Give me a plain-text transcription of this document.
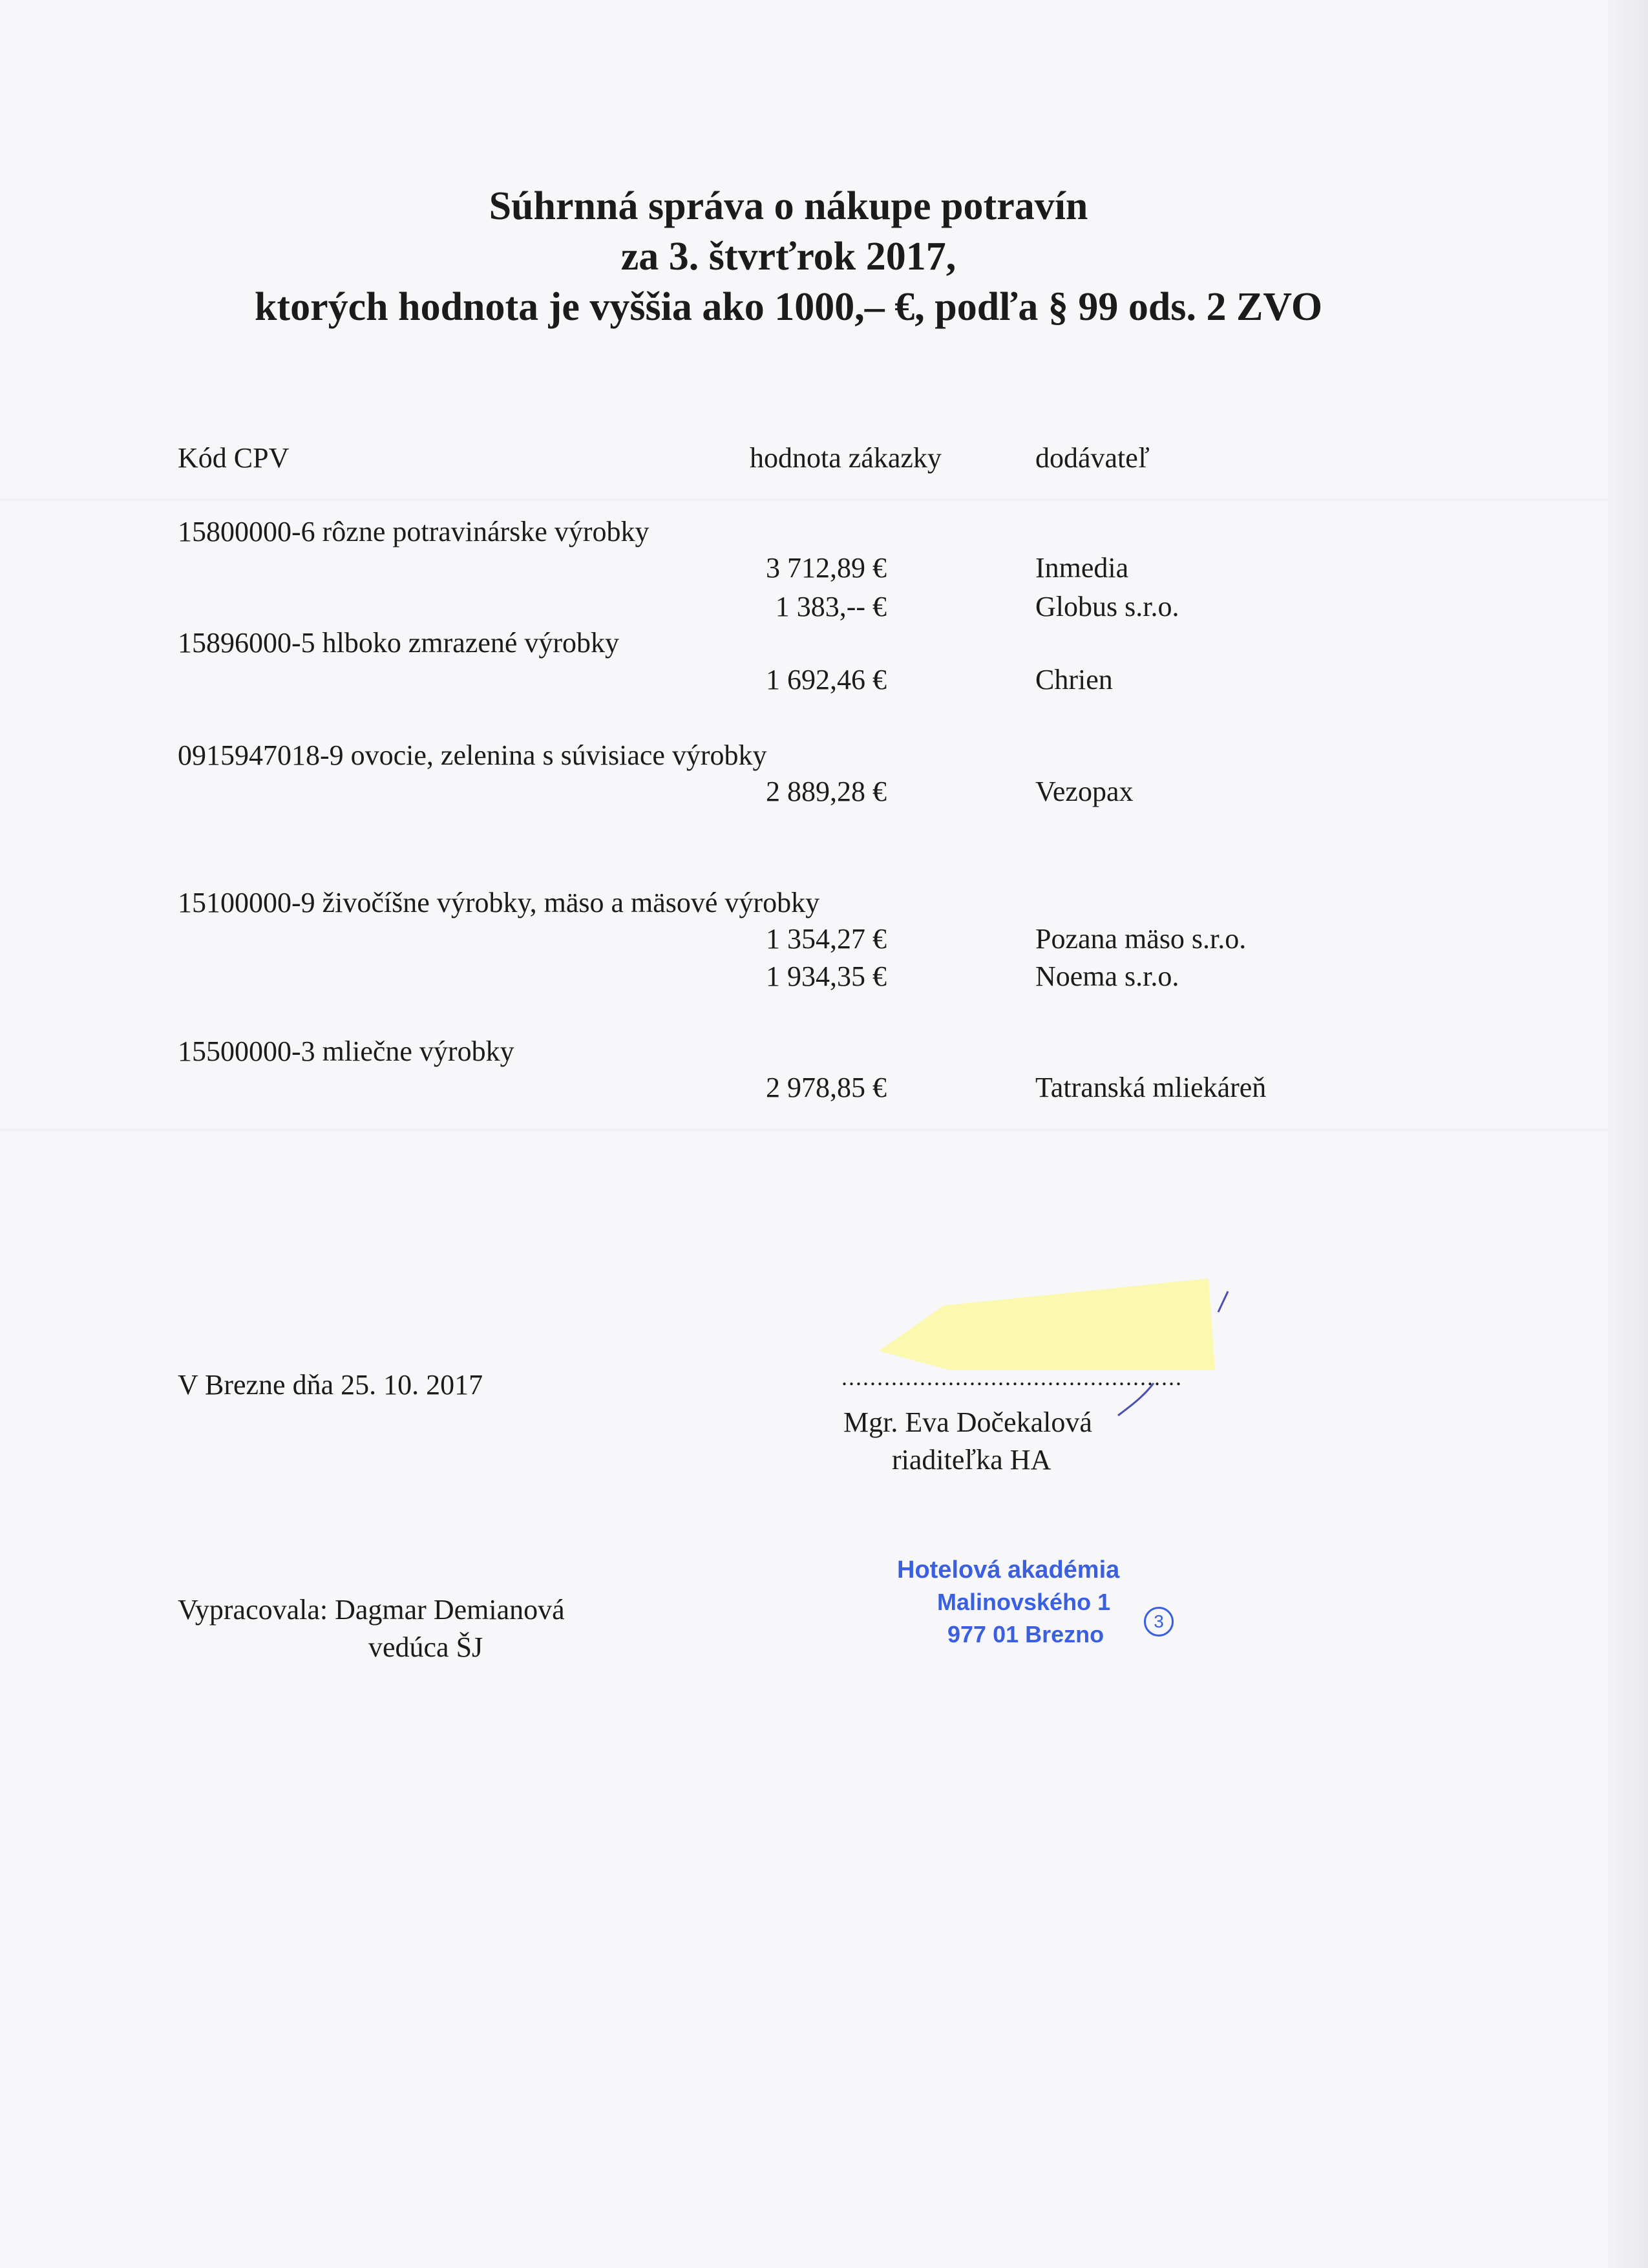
Súhrnná správa o nákupe potravín
za 3. štvrťrok 2017,
ktorých hodnota je vyššia ako 1000,– €, podľa § 99 ods. 2 ZVO
Kód CPV	hodnota zákazky	dodávateľ
15800000-6 rôzne potravinárske výrobky
3 712,89 €	Inmedia
1 383,-- €	Globus s.r.o.
15896000-5 hlboko zmrazené výrobky
1 692,46 €	Chrien
0915947018-9 ovocie, zelenina s súvisiace výrobky
2 889,28 €	Vezopax
15100000-9 živočíšne výrobky, mäso a mäsové výrobky
1 354,27 €	Pozana mäso s.r.o.
1 934,35 €	Noema s.r.o.
15500000-3 mliečne výrobky
2 978,85 €	Tatranská mliekáreň
V Brezne dňa 25. 10. 2017	................................................
Mgr. Eva Dočekalová
riaditeľka HA
Vypracovala: Dagmar Demianová
vedúca ŠJ
Hotelová akadémia
Malinovského 1
977 01 Brezno	3
